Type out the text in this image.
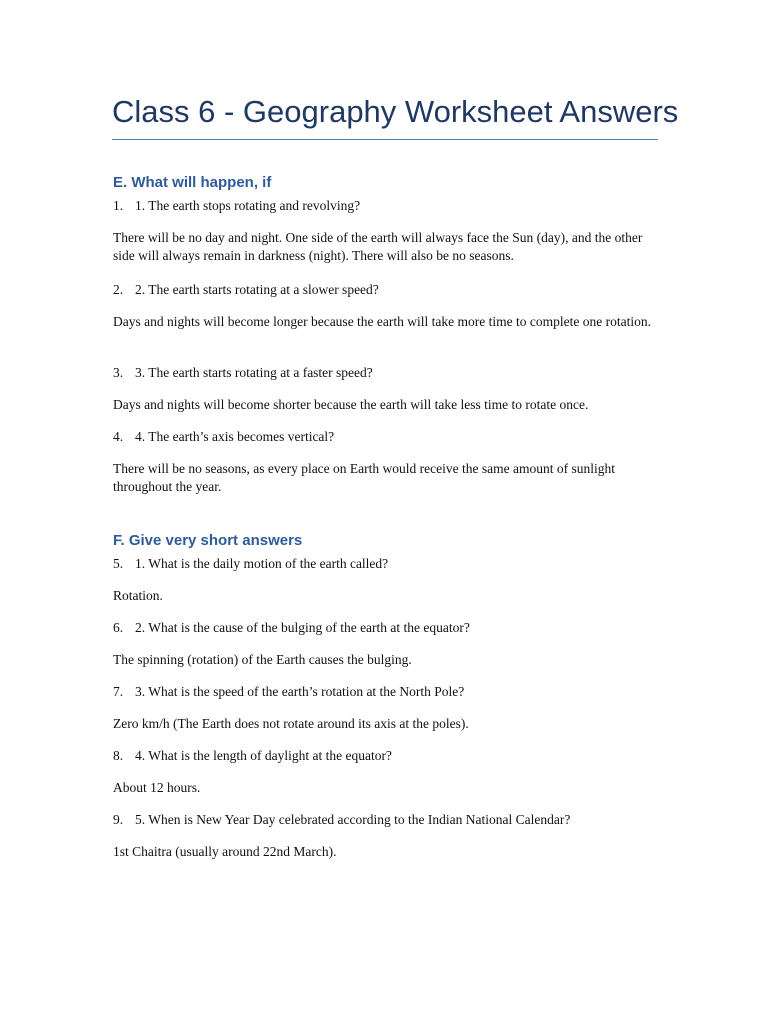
Class 6 - Geography Worksheet Answers
E. What will happen, if
1. 1. The earth stops rotating and revolving?
There will be no day and night. One side of the earth will always face the Sun (day), and the other side will always remain in darkness (night). There will also be no seasons.
2. 2. The earth starts rotating at a slower speed?
Days and nights will become longer because the earth will take more time to complete one rotation.
3. 3. The earth starts rotating at a faster speed?
Days and nights will become shorter because the earth will take less time to rotate once.
4. 4. The earth’s axis becomes vertical?
There will be no seasons, as every place on Earth would receive the same amount of sunlight throughout the year.
F. Give very short answers
5. 1. What is the daily motion of the earth called?
Rotation.
6. 2. What is the cause of the bulging of the earth at the equator?
The spinning (rotation) of the Earth causes the bulging.
7. 3. What is the speed of the earth’s rotation at the North Pole?
Zero km/h (The Earth does not rotate around its axis at the poles).
8. 4. What is the length of daylight at the equator?
About 12 hours.
9. 5. When is New Year Day celebrated according to the Indian National Calendar?
1st Chaitra (usually around 22nd March).
